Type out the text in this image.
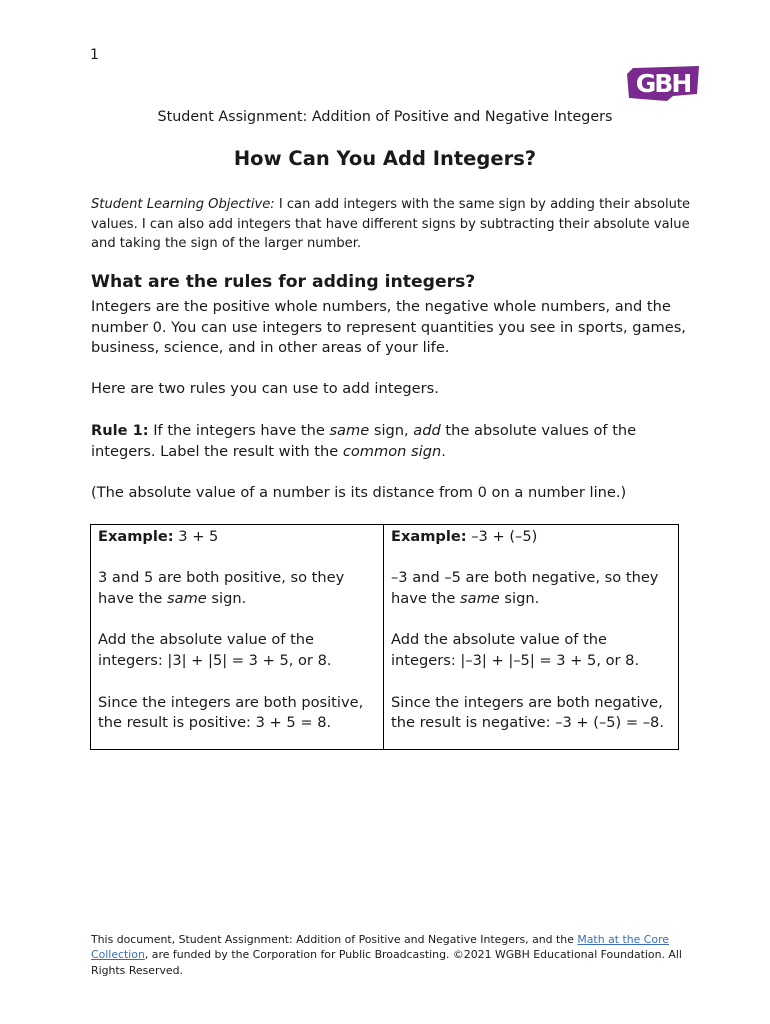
1
GBH
Student Assignment: Addition of Positive and Negative Integers
How Can You Add Integers?
Student Learning Objective: I can add integers with the same sign by adding their absolute values. I can also add integers that have different signs by subtracting their absolute value and taking the sign of the larger number.
What are the rules for adding integers?
Integers are the positive whole numbers, the negative whole numbers, and the number 0. You can use integers to represent quantities you see in sports, games, business, science, and in other areas of your life.
Here are two rules you can use to add integers.
Rule 1: If the integers have the same sign, add the absolute values of the integers. Label the result with the common sign.
(The absolute value of a number is its distance from 0 on a number line.)

Example: 3 + 5

3 and 5 are both positive, so they have the same sign.

Add the absolute value of the integers: |3| + |5| = 3 + 5, or 8.

Since the integers are both positive, the result is positive: 3 + 5 = 8.

Example: –3 + (–5)

–3 and –5 are both negative, so they have the same sign.

Add the absolute value of the integers: |–3| + |–5| = 3 + 5, or 8.

Since the integers are both negative, the result is negative: –3 + (–5) = –8.

This document, Student Assignment: Addition of Positive and Negative Integers, and the Math at the Core Collection, are funded by the Corporation for Public Broadcasting. ©2021 WGBH Educational Foundation. All Rights Reserved.
